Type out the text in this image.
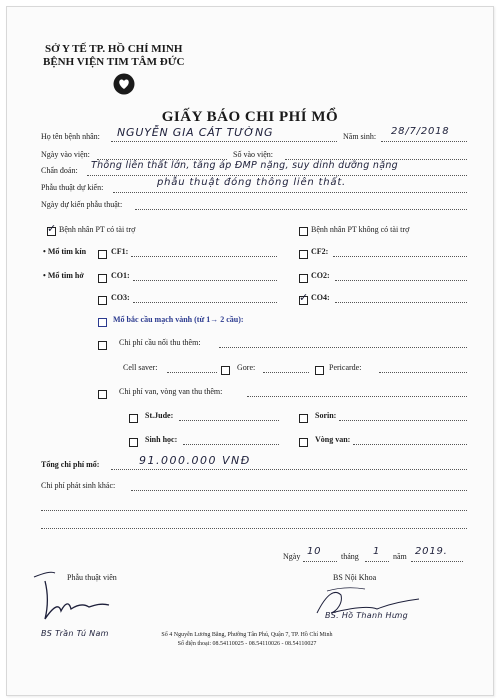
SỞ Y TẾ TP. HỒ CHÍ MINH
BỆNH VIỆN TIM TÂM ĐỨC
GIẤY BÁO CHI PHÍ MỔ
Họ tên bệnh nhân: NGUYỄN GIA CÁT TƯỜNG	Năm sinh: 28/7/2018
Ngày vào viện:	Số vào viện:
Chẩn đoán: Thông liên thất lớn, tăng áp ĐMP nặng, suy dinh dưỡng nặng
Phẫu thuật dự kiến:	phẫu thuật đóng thông liên thất.
Ngày dự kiến phẫu thuật:
✓ Bệnh nhân PT có tài trợ	Bệnh nhân PT không có tài trợ
• Mổ tim kín	CF1:	CF2:
• Mổ tim hở	CO1:	CO2:
CO3:	✓ CO4:
Mổ bắc cầu mạch vành (từ 1→ 2 cầu):
Chi phí cầu nối thu thêm:
Cell saver:	Gore:	Pericarde:
Chi phí van, vòng van thu thêm:
St.Jude:	Sorin:
Sinh học:	Vòng van:
Tổng chi phí mổ:	91.000.000 VNĐ
Chi phí phát sinh khác:
Ngày 10 tháng 1 năm 2019.
Phẫu thuật viên	BS Nội Khoa
BS Trần Tú Nam
BS. Hồ Thanh Hưng
Số 4 Nguyễn Lương Bằng, Phường Tân Phú, Quận 7, TP. Hồ Chí Minh
Số điện thoại: 08.54110025 - 08.54110026 - 08.54110027
